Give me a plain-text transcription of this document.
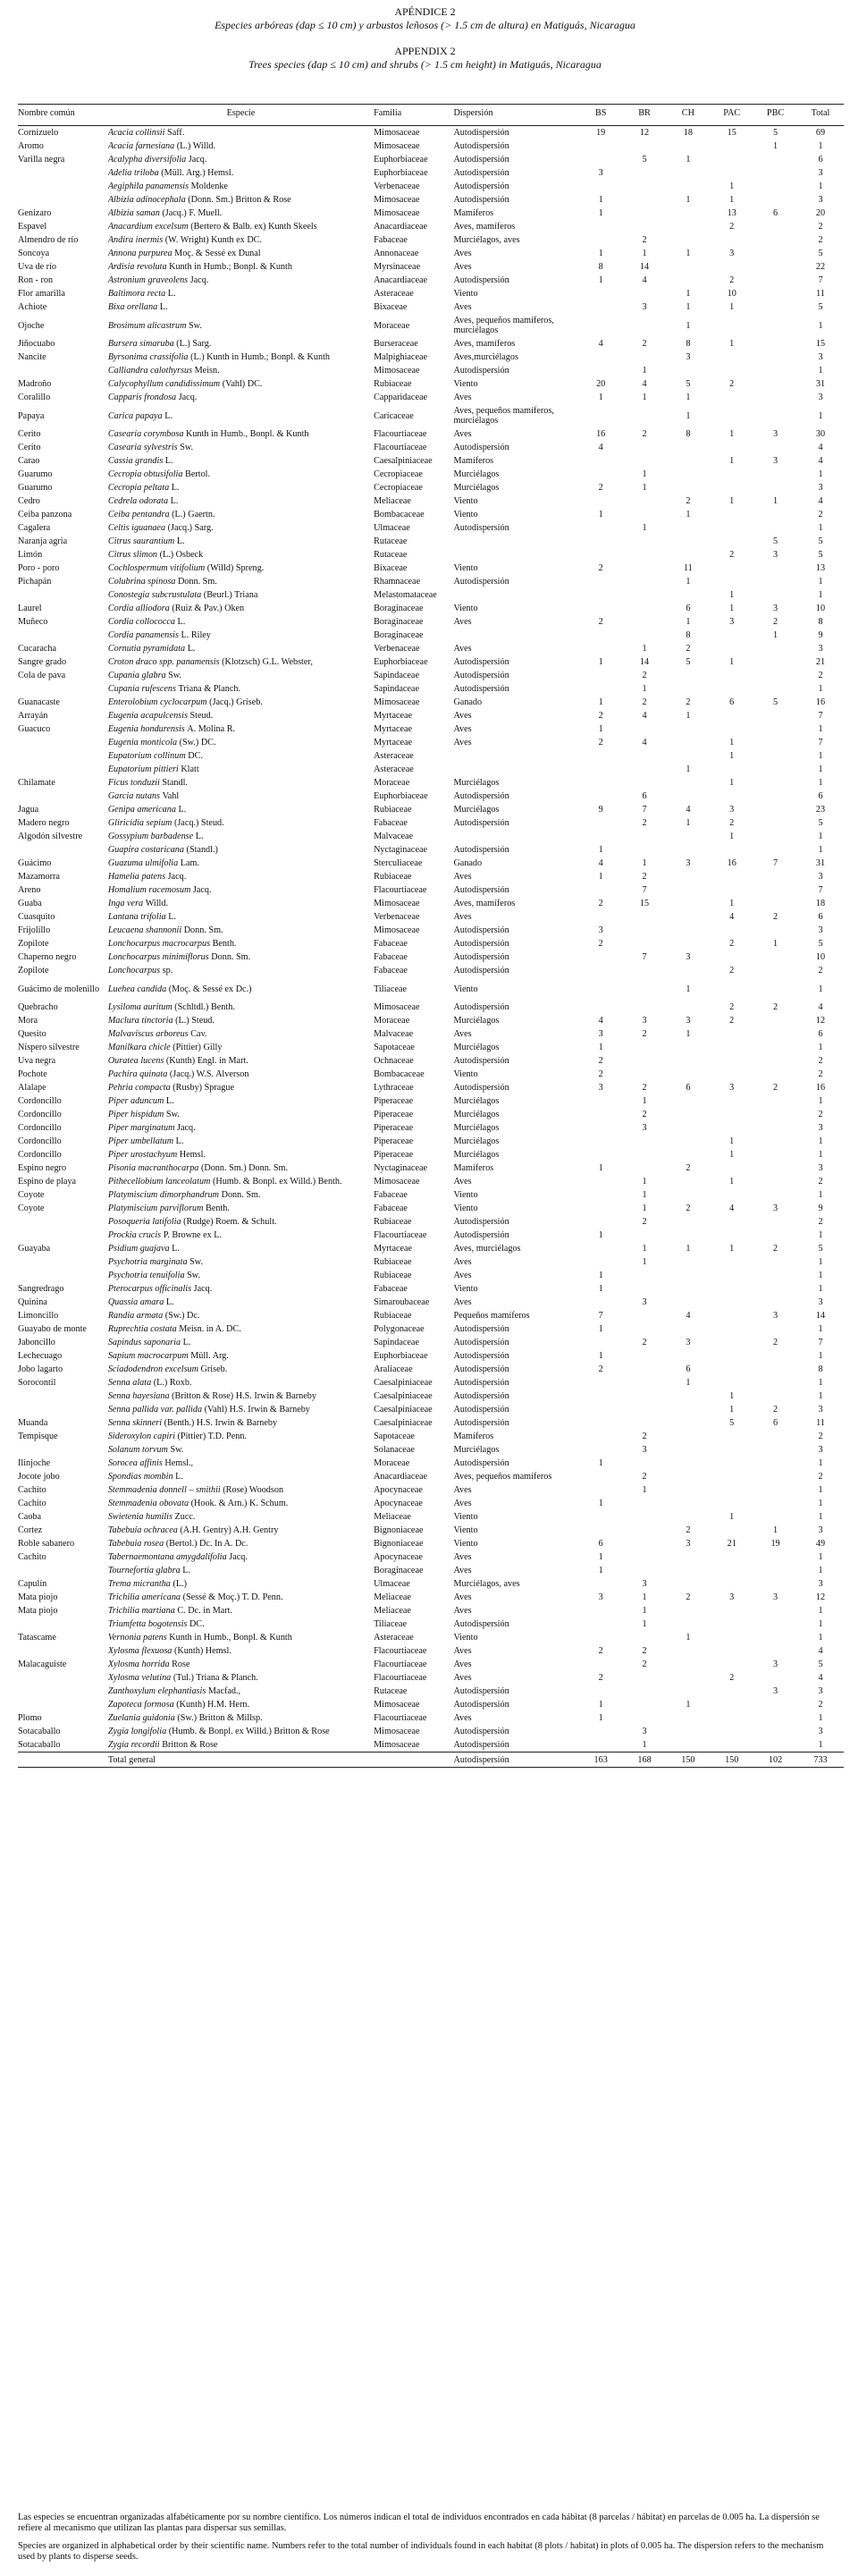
APÉNDICE 2
Especies arbóreas (dap ≤ 10 cm) y arbustos leñosos (> 1.5 cm de altura) en Matiguás, Nicaragua
APPENDIX 2
Trees species (dap ≤ 10 cm) and shrubs (> 1.5 cm height) in Matiguás, Nicaragua
Nombre común	Especie	Familia	Dispersión	BS	BR	CH	PAC	PBC	Total
Cornizuelo	Acacia collinsii Saff.	Mimosaceae	Autodispersión	19	12	18	15	5	69
Aromo	Acacia farnesiana (L.) Willd.	Mimosaceae	Autodispersión					1	1
Varilla negra	Acalypha diversifolia Jacq.	Euphorbiaceae	Autodispersión		5	1			6
	Adelia triloba (Müll. Arg.) Hemsl.	Euphorbiaceae	Autodispersión	3					3
	Aegiphila panamensis Moldenke	Verbenaceae	Autodispersión				1		1
	Albizia adinocephala (Donn. Sm.) Britton & Rose	Mimosaceae	Autodispersión	1		1	1		3
Genizaro	Albizia saman (Jacq.) F. Muell.	Mimosaceae	Mamíferos	1			13	6	20
Espavel	Anacardium excelsum (Bertero & Balb. ex) Kunth Skeels	Anacardiaceae	Aves, mamíferos				2		2
Almendro de río	Andira inermis (W. Wright) Kunth ex DC.	Fabaceae	Murciélagos, aves		2				2
Soncoya	Annona purpurea Moç. & Sessé ex Dunal	Annonaceae	Aves	1	1	1	3		5
Uva de río	Ardisia revoluta Kunth in Humb.; Bonpl. & Kunth	Myrsinaceae	Aves	8	14				22
Ron - ron	Astronium graveolens Jacq.	Anacardiaceae	Autodispersión	1	4		2		7
Flor amarilla	Baltimora recta L.	Asteraceae	Viento			1	10		11
Achiote	Bixa orellana L.	Bixaceae	Aves		3	1	1		5
Ojoche	Brosimum alicastrum Sw.	Moraceae	Aves, pequeños mamíferos, murciélagos			1			1
Jiñocuabo	Bursera simaruba (L.) Sarg.	Burseraceae	Aves, mamíferos	4	2	8	1		15
Nancite	Byrsonima crassifolia (L.) Kunth in Humb.; Bonpl. & Kunth	Malpighiaceae	Aves,murciélagos			3			3
	Calliandra calothyrsus Meisn.	Mimosaceae	Autodispersión		1				1
Madroño	Calycophyllum candidissimum (Vahl) DC.	Rubiaceae	Viento	20	4	5	2		31
Coralillo	Capparis frondosa Jacq.	Capparidaceae	Aves	1	1	1			3
Papaya	Carica papaya L.	Caricaceae	Aves, pequeños mamíferos, murciélagos			1			1
Cerito	Casearia corymbosa Kunth in Humb., Bonpl. & Kunth	Flacourtiaceae	Aves	16	2	8	1	3	30
Cerito	Casearia sylvestris Sw.	Flacourtiaceae	Autodispersión	4					4
Carao	Cassia grandis L.	Caesalpiniaceae	Mamíferos				1	3	4
Guarumo	Cecropia obtusifolia Bertol.	Cecropiaceae	Murciélagos		1				1
Guarumo	Cecropia peltata L.	Cecropiaceae	Murciélagos	2	1				3
Cedro	Cedrela odorata L.	Meliaceae	Viento			2	1	1	4
Ceiba panzona	Ceiba pentandra (L.) Gaertn.	Bombacaceae	Viento	1		1			2
Cagalera	Celtis iguanaea (Jacq.) Sarg.	Ulmaceae	Autodispersión		1				1
Naranja agria	Citrus saurantium L.	Rutaceae						5	5
Limón	Citrus slimon (L.) Osbeck	Rutaceae					2	3	5
Poro - poro	Cochlospermum vitifolium (Willd) Spreng.	Bixaceae	Viento	2		11			13
Pichapán	Colubrina spinosa Donn. Sm.	Rhamnaceae	Autodispersión			1			1
	Conostegia subcrustulata (Beurl.) Triana	Melastomataceae					1		1
Laurel	Cordia alliodora (Ruiz & Pav.) Oken	Boraginaceae	Viento			6	1	3	10
Muñeco	Cordia collococca L.	Boraginaceae	Aves	2		1	3	2	8
	Cordia panamensis L. Riley	Boraginaceae				8		1	9
Cucaracha	Cornutia pyramidata L.	Verbenaceae	Aves		1	2			3
Sangre grado	Croton draco spp. panamensis (Klotzsch) G.L. Webster,	Euphorbiaceae	Autodispersión	1	14	5	1		21
Cola de pava	Cupania glabra Sw.	Sapindaceae	Autodispersión		2				2
	Cupania rufescens Triana & Planch.	Sapindaceae	Autodispersión		1				1
Guanacaste	Enterolobium cyclocarpum (Jacq.) Griseb.	Mimosaceae	Ganado	1	2	2	6	5	16
Arrayán	Eugenia acapulcensis Steud.	Myrtaceae	Aves	2	4	1			7
Guacuco	Eugenia hondurensis A. Molina R.	Myrtaceae	Aves	1					1
	Eugenia monticola (Sw.) DC.	Myrtaceae	Aves	2	4		1		7
	Eupatorium collinum DC.	Asteraceae					1		1
	Eupatorium pittieri Klatt	Asteraceae				1			1
Chilamate	Ficus tonduzii Standl.	Moraceae	Murciélagos				1		1
	Garcia nutans Vahl	Euphorbiaceae	Autodispersión		6				6
Jagua	Genipa americana L.	Rubiaceae	Murciélagos	9	7	4	3		23
Madero negro	Gliricidia sepium (Jacq.) Steud.	Fabaceae	Autodispersión		2	1	2		5
Algodón silvestre	Gossypium barbadense L.	Malvaceae					1		1
	Guapira costaricana (Standl.)	Nyctaginaceae	Autodispersión	1					1
Guácimo	Guazuma ulmifolia Lam.	Sterculiaceae	Ganado	4	1	3	16	7	31
Mazamorra	Hamelia patens Jacq.	Rubiaceae	Aves	1	2				3
Areno	Homalium racemosum Jacq.	Flacourtiaceae	Autodispersión		7				7
Guaba	Inga vera Willd.	Mimosaceae	Aves, mamíferos	2	15		1		18
Cuasquito	Lantana trifolia L.	Verbenaceae	Aves				4	2	6
Frijolillo	Leucaena shannonii Donn. Sm.	Mimosaceae	Autodispersión	3					3
Zopilote	Lonchocarpus macrocarpus Benth.	Fabaceae	Autodispersión	2			2	1	5
Chaperno negro	Lonchocarpus minimiflorus Donn. Sm.	Fabaceae	Autodispersión		7	3			10
Zopilote	Lonchocarpus sp.	Fabaceae	Autodispersión				2		2
Guácimo de molenillo	Luehea candida (Moç. & Sessé ex Dc.)	Tiliaceae	Viento			1			1
Quebracho	Lysiloma auritum (Schltdl.) Benth.	Mimosaceae	Autodispersión				2	2	4
Mora	Maclura tinctoria (L.) Steud.	Moraceae	Murciélagos	4	3	3	2		12
Quesito	Malvaviscus arboreus Cav.	Malvaceae	Aves	3	2	1			6
Níspero silvestre	Manilkara chicle (Pittier) Gilly	Sapotaceae	Murciélagos	1					1
Uva negra	Ouratea lucens (Kunth) Engl. in Mart.	Ochnaceae	Autodispersión	2					2
Pochote	Pachira quinata (Jacq.) W.S. Alverson	Bombacaceae	Viento	2					2
Alalape	Pehria compacta (Rusby) Sprague	Lythraceae	Autodispersión	3	2	6	3	2	16
Cordoncillo	Piper aduncum L.	Piperaceae	Murciélagos		1				1
Cordoncillo	Piper hispidum Sw.	Piperaceae	Murciélagos		2				2
Cordoncillo	Piper marginatum Jacq.	Piperaceae	Murciélagos		3				3
Cordoncillo	Piper umbellatum L.	Piperaceae	Murciélagos				1		1
Cordoncillo	Piper urostachyum Hemsl.	Piperaceae	Murciélagos				1		1
Espino negro	Pisonia macranthocarpa (Donn. Sm.) Donn. Sm.	Nyctaginaceae	Mamíferos	1		2			3
Espino de playa	Pithecellobium lanceolatum (Humb. & Bonpl. ex Willd.) Benth.	Mimosaceae	Aves		1		1		2
Coyote	Platymiscium dimorphandrum Donn. Sm.	Fabaceae	Viento		1				1
Coyote	Platymiscium parviflorum Benth.	Fabaceae	Viento		1	2	4	3	9
	Posoqueria latifolia (Rudge) Roem. & Schult.	Rubiaceae	Autodispersión		2				2
	Prockia crucis P. Browne ex L.	Flacourtiaceae	Autodispersión	1					1
Guayaba	Psidium guajava L.	Myrtaceae	Aves, murciélagos		1	1	1	2	5
	Psychotria marginata Sw.	Rubiaceae	Aves		1				1
	Psychotria tenuifolia Sw.	Rubiaceae	Aves	1					1
Sangredrago	Pterocarpus officinalis Jacq.	Fabaceae	Viento	1					1
Quinina	Quassia amara L.	Simaroubaceae	Aves		3				3
Limoncillo	Randia armata (Sw.) Dc.	Rubiaceae	Pequeños mamíferos	7		4		3	14
Guayabo de monte	Ruprechtia costata Meisn. in A. DC.	Polygonaceae	Autodispersión	1					1
Jaboncillo	Sapindus saponaria L.	Sapindaceae	Autodispersión		2	3		2	7
Lechecuago	Sapium macrocarpum Müll. Arg.	Euphorbiaceae	Autodispersión	1					1
Jobo lagarto	Sciadodendron excelsum Griseb.	Araliaceae	Autodispersión	2		6			8
Sorocontil	Senna alata (L.) Roxb.	Caesalpiniaceae	Autodispersión			1			1
	Senna hayesiana (Britton & Rose) H.S. Irwin & Barneby	Caesalpiniaceae	Autodispersión				1		1
	Senna pallida var. pallida (Vahl) H.S. Irwin & Barneby	Caesalpiniaceae	Autodispersión				1	2	3
Muanda	Senna skinneri (Benth.) H.S. Irwin & Barneby	Caesalpiniaceae	Autodispersión				5	6	11
Tempisque	Sideroxylon capiri (Pittier) T.D. Penn.	Sapotaceae	Mamíferos		2				2
	Solanum torvum Sw.	Solanaceae	Murciélagos		3				3
Ilinjoche	Sorocea affinis Hemsl.,	Moraceae	Autodispersión	1					1
Jocote jobo	Spondias mombin L.	Anacardiaceae	Aves, pequeños mamíferos		2				2
Cachito	Stemmadenia donnell – smithii (Rose) Woodson	Apocynaceae	Aves		1				1
Cachito	Stemmadenia obovata (Hook. & Arn.) K. Schum.	Apocynaceae	Aves	1					1
Caoba	Swietenia humilis Zucc.	Meliaceae	Viento				1		1
Cortez	Tabebuia ochracea (A.H. Gentry) A.H. Gentry	Bignoniaceae	Viento			2		1	3
Roble sabanero	Tabebuia rosea (Bertol.) Dc. In A. Dc.	Bignoniaceae	Viento	6		3	21	19	49
Cachito	Tabernaemontana amygdalifolia Jacq.	Apocynaceae	Aves	1					1
	Tournefortia glabra L.	Boraginaceae	Aves	1					1
Capulín	Trema micrantha (L.)	Ulmaceae	Murciélagos, aves		3				3
Mata piojo	Trichilia americana (Sessé & Moç.) T. D. Penn.	Meliaceae	Aves	3	1	2	3	3	12
Mata piojo	Trichilia martiana C. Dc. in Mart.	Meliaceae	Aves		1				1
	Triumfetta bogotensis DC.	Tiliaceae	Autodispersión		1				1
Tatascame	Vernonia patens Kunth in Humb., Bonpl. & Kunth	Asteraceae	Viento			1			1
	Xylosma flexuosa (Kunth) Hemsl.	Flacourtiaceae	Aves	2	2				4
Malacaguiste	Xylosma horrida Rose	Flacourtiaceae	Aves		2			3	5
	Xylosma velutina (Tul.) Triana & Planch.	Flacourtiaceae	Aves	2			2		4
	Zanthoxylum elephantiasis Macfad.,	Rutaceae	Autodispersión					3	3
	Zapoteca formosa (Kunth) H.M. Hern.	Mimosaceae	Autodispersión	1		1			2
Plomo	Zuelania guidonia (Sw.) Britton & Millsp.	Flacourtiaceae	Aves	1					1
Sotacaballo	Zygia longifolia (Humb. & Bonpl. ex Willd.) Britton & Rose	Mimosaceae	Autodispersión		3				3
Sotacaballo	Zygia recordii Britton & Rose	Mimosaceae	Autodispersión		1				1
	Total general		Autodispersión	163	168	150	150	102	733

Las especies se encuentran organizadas alfabéticamente por su nombre científico. Los números indican el total de individuos encontrados en cada hábitat (8 parcelas / hábitat) en parcelas de 0.005 ha. La dispersión se refiere al mecanismo que utilizan las plantas para dispersar sus semillas.

Species are organized in alphabetical order by their scientific name. Numbers refer to the total number of individuals found in each habitat (8 plots / habitat) in plots of 0.005 ha. The dispersion refers to the mechanism used by plants to disperse seeds.
